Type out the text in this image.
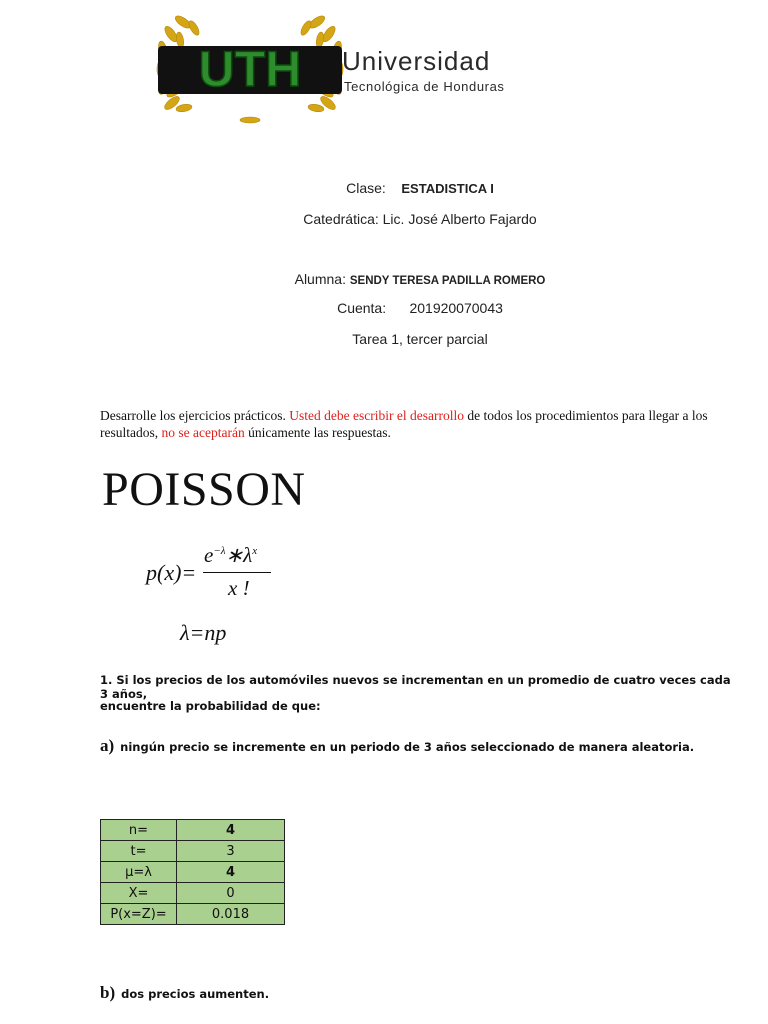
UTH Universidad
Tecnológica de Honduras
Clase: ESTADISTICA I
Catedrática: Lic. José Alberto Fajardo
Alumna: SENDY TERESA PADILLA ROMERO
Cuenta: 201920070043
Tarea 1, tercer parcial
Desarrolle los ejercicios prácticos. Usted debe escribir el desarrollo de todos los procedimientos para llegar a los resultados, no se aceptarán únicamente las respuestas.
POISSON
p(x)=
$e^{-\lambda}∗\lambda^x$
x !
λ=np
1. Si los precios de los automóviles nuevos se incrementan en un promedio de cuatro veces cada 3 años,
encuentre la probabilidad de que:
a) ningún precio se incremente en un periodo de 3 años seleccionado de manera aleatoria.
n=	4
t=	3
μ=λ	4
X=	0
P(x=Z)=	0.018
b) dos precios aumenten.
